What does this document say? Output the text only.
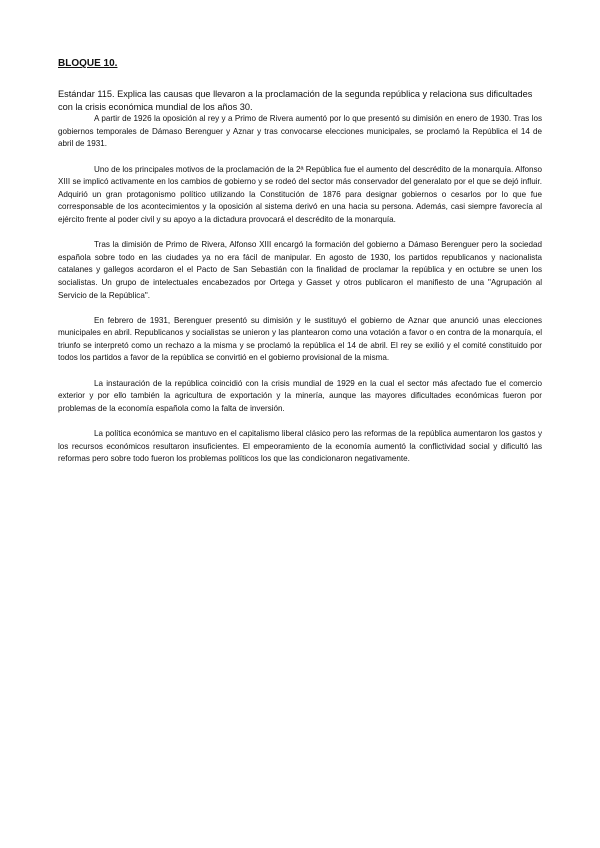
BLOQUE 10.

Estándar 115. Explica las causas que llevaron a la proclamación de la segunda república y relaciona sus dificultades con la crisis económica mundial de los años 30.

A partir de 1926 la oposición al rey y a Primo de Rivera aumentó por lo que presentó su dimisión en enero de 1930. Tras los gobiernos temporales de Dámaso Berenguer y Aznar y tras convocarse elecciones municipales, se proclamó la República el 14 de abril de 1931.

Uno de los principales motivos de la proclamación de la 2ª República fue el aumento del descrédito de la monarquía. Alfonso XIII se implicó activamente en los cambios de gobierno y se rodeó del sector más conservador del generalato por el que se dejó influir. Adquirió un gran protagonismo político utilizando la Constitución de 1876 para designar gobiernos o cesarlos por lo que fue corresponsable de los acontecimientos y la oposición al sistema derivó en una hacia su persona. Además, casi siempre favorecía al ejército frente al poder civil y su apoyo a la dictadura provocará el descrédito de la monarquía.

Tras la dimisión de Primo de Rivera, Alfonso XIII encargó la formación del gobierno a Dámaso Berenguer pero la sociedad española sobre todo en las ciudades ya no era fácil de manipular. En agosto de 1930, los partidos republicanos y nacionalista catalanes y gallegos acordaron el el Pacto de San Sebastián con la finalidad de proclamar la república y en octubre se unen los socialistas. Un grupo de intelectuales encabezados por Ortega y Gasset y otros publicaron el manifiesto de una "Agrupación al Servicio de la República".

En febrero de 1931, Berenguer presentó su dimisión y le sustituyó el gobierno de Aznar que anunció unas elecciones municipales en abril. Republicanos y socialistas se unieron y las plantearon como una votación a favor o en contra de la monarquía, el triunfo se interpretó como un rechazo a la misma y se proclamó la república el 14 de abril. El rey se exilió y el comité constituido por todos los partidos a favor de la república se convirtió en el gobierno provisional de la misma.

La instauración de la república coincidió con la crisis mundial de 1929 en la cual el sector más afectado fue el comercio exterior y por ello también la agricultura de exportación y la minería, aunque las mayores dificultades económicas fueron por problemas de la economía española como la falta de inversión.

La política económica se mantuvo en el capitalismo liberal clásico pero las reformas de la república aumentaron los gastos y los recursos económicos resultaron insuficientes. El empeoramiento de la economía aumentó la conflictividad social y dificultó las reformas pero sobre todo fueron los problemas políticos los que las condicionaron negativamente.
